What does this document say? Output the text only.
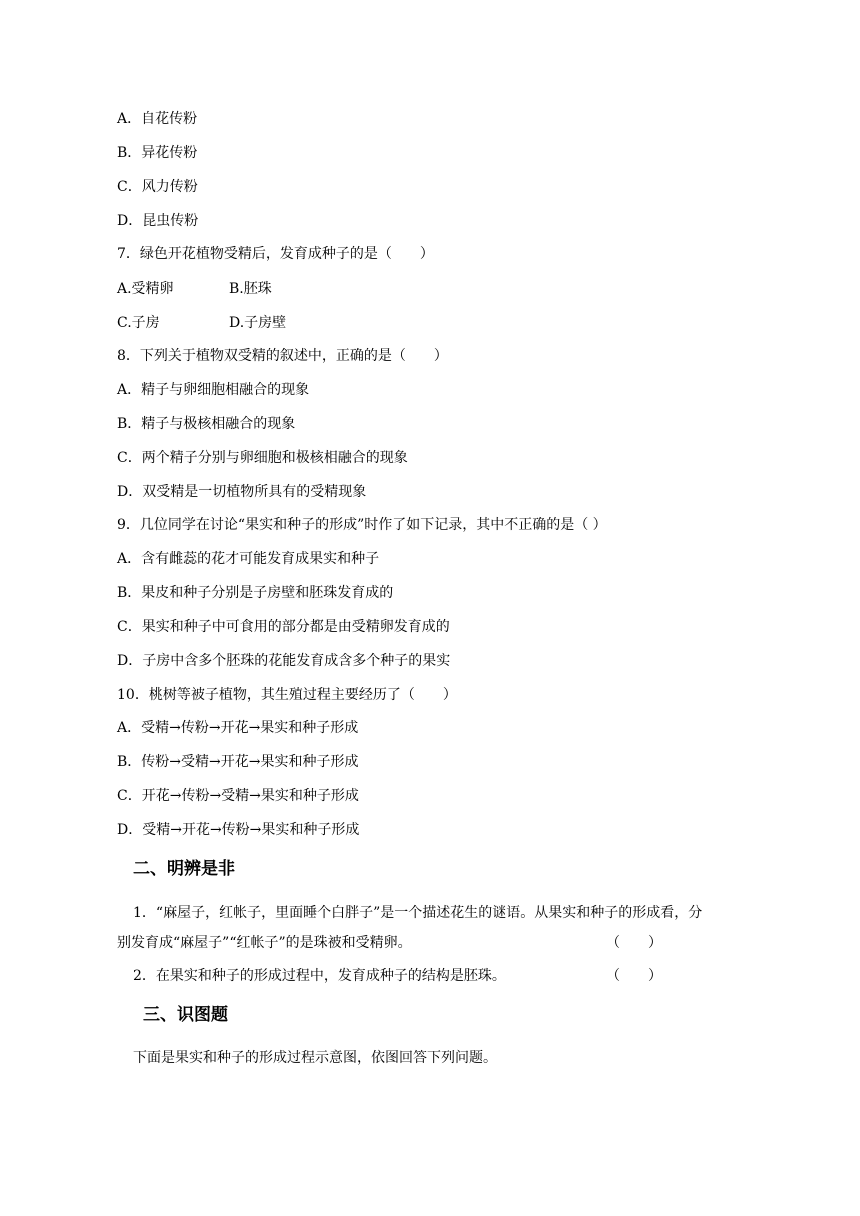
A．自花传粉
B．异花传粉
C．风力传粉
D．昆虫传粉
7．绿色开花植物受精后，发育成种子的是（　　）
A.受精卵	B.胚珠
C.子房	D.子房壁
8．下列关于植物双受精的叙述中，正确的是（　　）
A．精子与卵细胞相融合的现象
B．精子与极核相融合的现象
C．两个精子分别与卵细胞和极核相融合的现象
D．双受精是一切植物所具有的受精现象
9．几位同学在讨论“果实和种子的形成”时作了如下记录，其中不正确的是（ ）
A．含有雌蕊的花才可能发育成果实和种子
B．果皮和种子分别是子房壁和胚珠发育成的
C．果实和种子中可食用的部分都是由受精卵发育成的
D．子房中含多个胚珠的花能发育成含多个种子的果实
10．桃树等被子植物，其生殖过程主要经历了（　　）
A．受精→传粉→开花→果实和种子形成
B．传粉→受精→开花→果实和种子形成
C．开花→传粉→受精→果实和种子形成
D．受精→开花→传粉→果实和种子形成
二、明辨是非
1．“麻屋子，红帐子，里面睡个白胖子”是一个描述花生的谜语。从果实和种子的形成看，分
别发育成“麻屋子”“红帐子”的是珠被和受精卵。	（　　）
2．在果实和种子的形成过程中，发育成种子的结构是胚珠。	（　　）
三、识图题
下面是果实和种子的形成过程示意图，依图回答下列问题。
